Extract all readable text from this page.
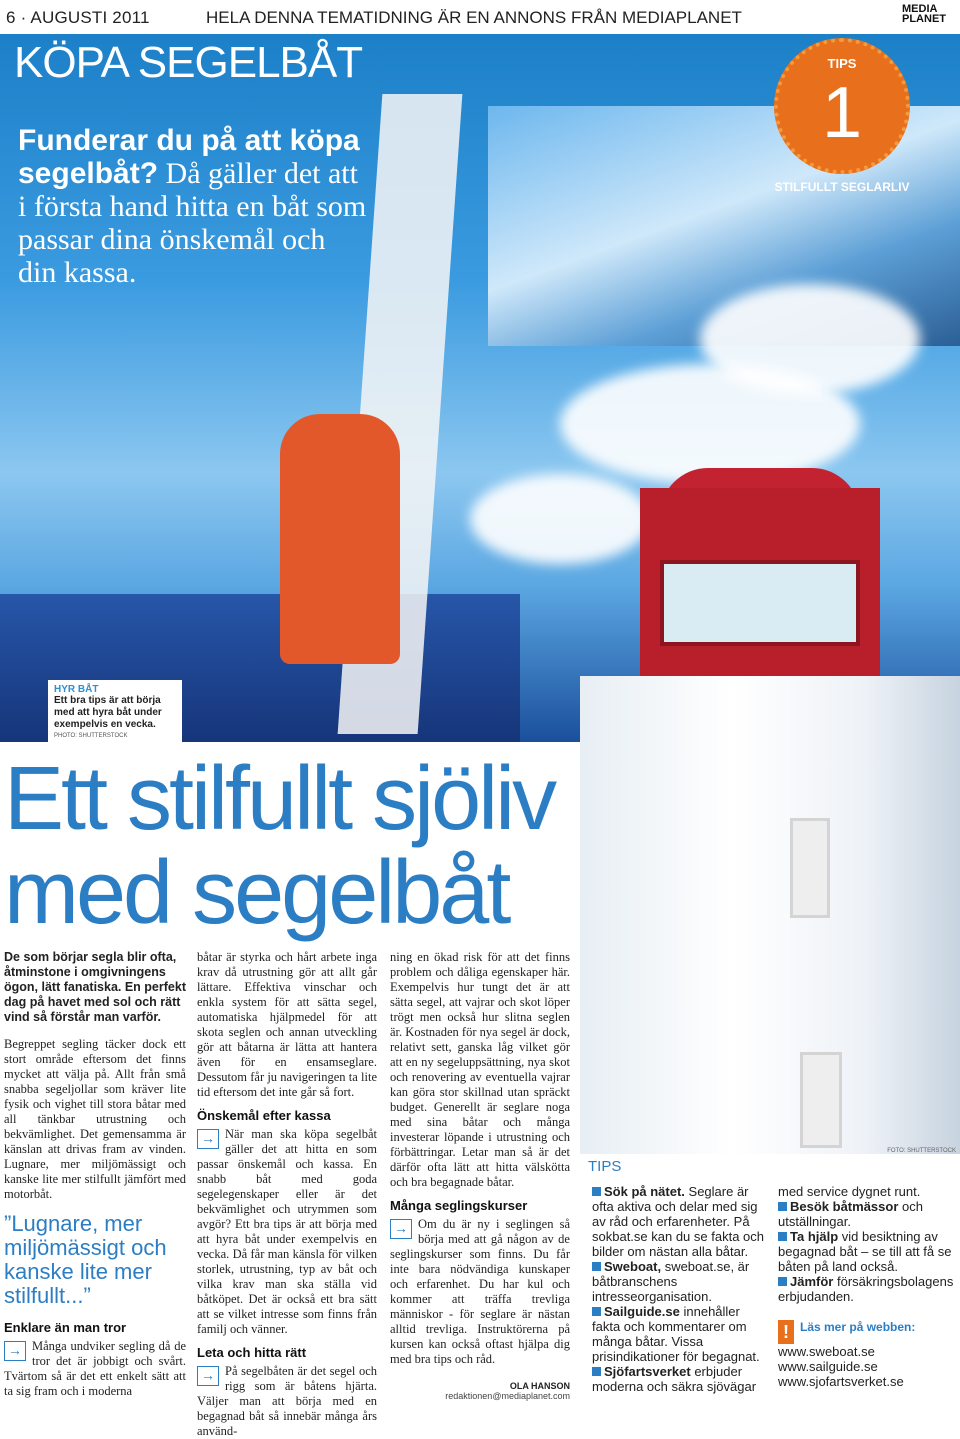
6 · AUGUSTI 2011	HELA DENNA TEMATIDNING ÄR EN ANNONS FRÅN MEDIAPLANET	MEDIA PLANET
KÖPA SEGELBÅT
Funderar du på att köpa segelbåt? Då gäller det att i första hand hitta en båt som passar dina önskemål och din kassa.
TIPS
1
STILFULLT SEGLARLIV
HYR BÅT
Ett bra tips är att börja med att hyra båt under exempelvis en vecka.
PHOTO: SHUTTERSTOCK
Ett stilfullt sjöliv
med segelbåt
De som börjar segla blir ofta, åtminstone i omgivningens ögon, lätt fanatiska. En perfekt dag på havet med sol och rätt vind så förstår man varför.

Begreppet segling täcker dock ett stort område eftersom det finns mycket att välja på. Allt från små snabba segeljollar som kräver lite fysik och vighet till stora båtar med all tänkbar utrustning och bekvämlighet. Det gemensamma är känslan att drivas fram av vinden. Lugnare, mer miljömässigt och kanske lite mer stilfullt jämfört med motorbåt.

”Lugnare, mer miljömässigt och kanske lite mer stilfullt...”
Enklare än man tror

→ Många undviker segling då de tror det är jobbigt och svårt. Tvärtom så är det ett enkelt sätt att ta sig fram och i moderna

båtar är styrka och hårt arbete inga krav då utrustning gör att allt går lättare. Effektiva vinschar och enkla system för att sätta segel, automatiska hjälpmedel för att skota seglen och annan utveckling gör att båtarna är lätta att hantera även för en ensamseglare. Dessutom får ju navigeringen ta lite tid eftersom det inte går så fort.

Önskemål efter kassa

→ När man ska köpa segelbåt gäller det att hitta en som passar önskemål och kassa. En snabb båt med goda segelegenskaper eller är det bekvämlighet och utrymmen som avgör? Ett bra tips är att börja med att hyra båt under exempelvis en vecka. Då får man känsla för vilken storlek, utrustning, typ av båt och vilka krav man ska ställa vid båtköpet. Det är också ett bra sätt att se vilket intresse som finns från familj och vänner.

Leta och hitta rätt

→ På segelbåten är det segel och rigg som är båtens hjärta. Väljer man att börja med en begagnad båt så innebär många års använd-

ning en ökad risk för att det finns problem och dåliga egenskaper här. Exempelvis hur tungt det är att sätta segel, att vajrar och skot löper trögt men också hur slitna seglen är. Kostnaden för nya segel är dock, relativt sett, ganska låg vilket gör att en ny segeluppsättning, nya skot och renovering av eventuella vajrar kan göra stor skillnad utan spräckt budget. Generellt är seglare noga med sina båtar och många investerar löpande i utrustning och förbättringar. Letar man så är det därför ofta lätt att hitta välskötta och bra begagnade båtar.

Många seglingskurser

→ Om du är ny i seglingen så börja med att gå någon av de seglingskurser som finns. Du får inte bara nödvändiga kunskaper och erfarenhet. Du har kul och kommer att träffa trevliga människor - för seglare är nästan alltid trevliga. Instruktörerna på kursen kan också oftast hjälpa dig med bra tips och råd.

OLA HANSON
redaktionen@mediaplanet.com
FOTO: SHUTTERSTOCK
TIPS
Sök på nätet. Seglare är ofta aktiva och delar med sig av råd och erfarenheter. På sokbat.se kan du se fakta och bilder om nästan alla båtar.
Sweboat, sweboat.se, är båtbranschens intresseorganisation.
Sailguide.se innehåller fakta och kommentarer om många båtar. Vissa prisindikationer för begagnat.
Sjöfartsverket erbjuder moderna och säkra sjövägar
med service dygnet runt.
Besök båtmässor och utställningar.
Ta hjälp vid besiktning av begagnad båt – se till att få se båten på land också.
Jämför försäkringsbolagens erbjudanden.
! Läs mer på webben:
www.sweboat.se
www.sailguide.se
www.sjofartsverket.se
